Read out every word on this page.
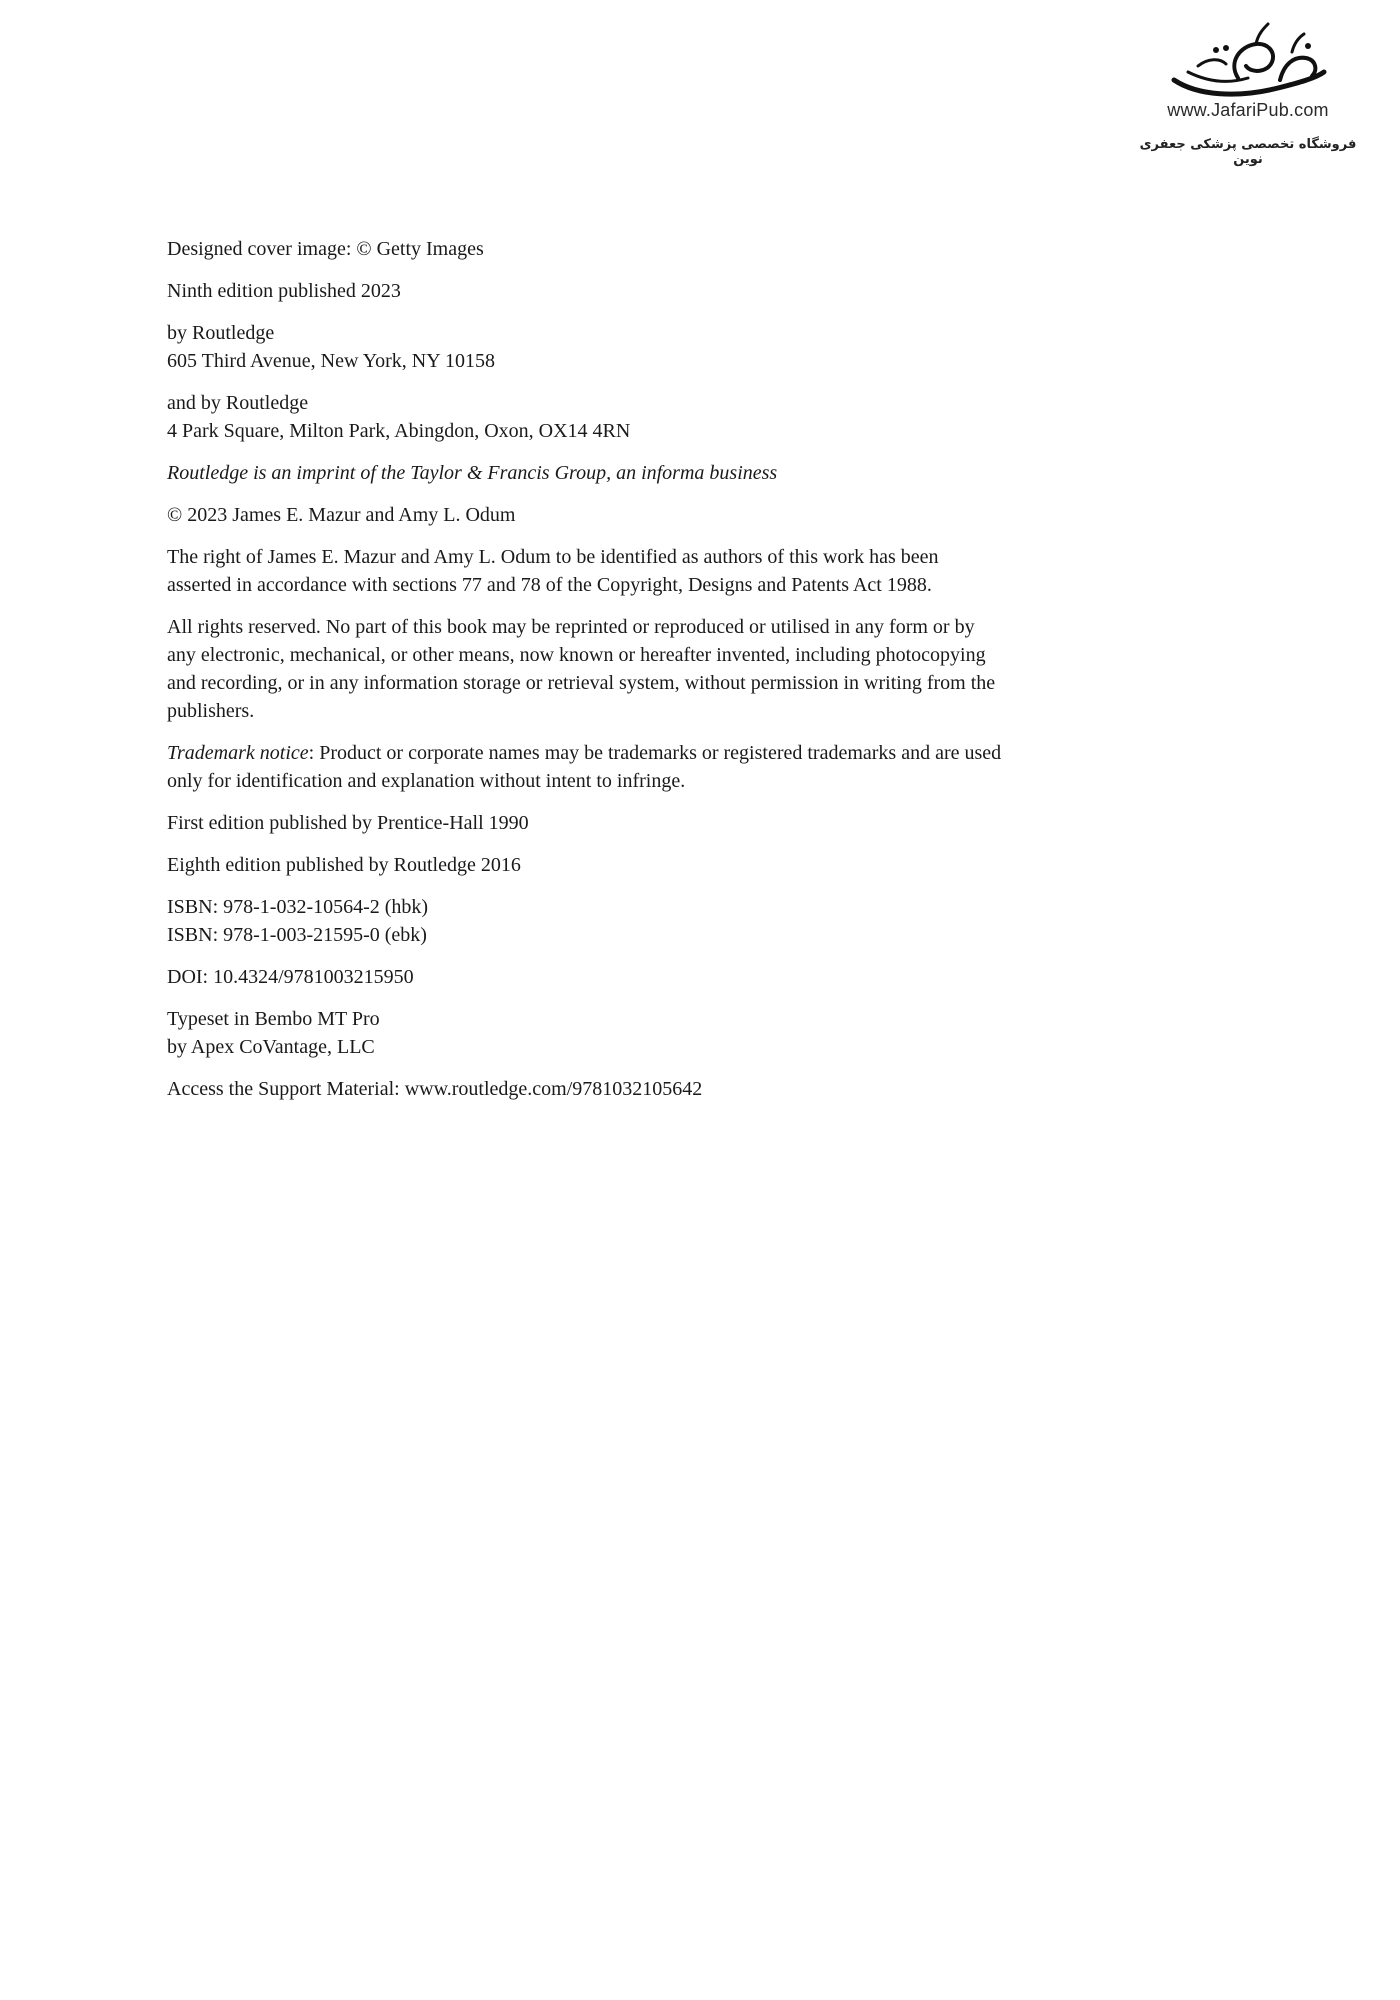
www.JafariPub.com
فروشگاه تخصصی پزشکی جعفری نوین

Designed cover image: © Getty Images

Ninth edition published 2023

by Routledge
605 Third Avenue, New York, NY 10158

and by Routledge
4 Park Square, Milton Park, Abingdon, Oxon, OX14 4RN

Routledge is an imprint of the Taylor & Francis Group, an informa business

© 2023 James E. Mazur and Amy L. Odum

The right of James E. Mazur and Amy L. Odum to be identified as authors of this work has been asserted in accordance with sections 77 and 78 of the Copyright, Designs and Patents Act 1988.

All rights reserved. No part of this book may be reprinted or reproduced or utilised in any form or by any electronic, mechanical, or other means, now known or hereafter invented, including photocopying and recording, or in any information storage or retrieval system, without permission in writing from the publishers.

Trademark notice: Product or corporate names may be trademarks or registered trademarks and are used only for identification and explanation without intent to infringe.

First edition published by Prentice-Hall 1990

Eighth edition published by Routledge 2016

ISBN: 978-1-032-10564-2 (hbk)
ISBN: 978-1-003-21595-0 (ebk)

DOI: 10.4324/9781003215950

Typeset in Bembo MT Pro
by Apex CoVantage, LLC

Access the Support Material: www.routledge.com/9781032105642
